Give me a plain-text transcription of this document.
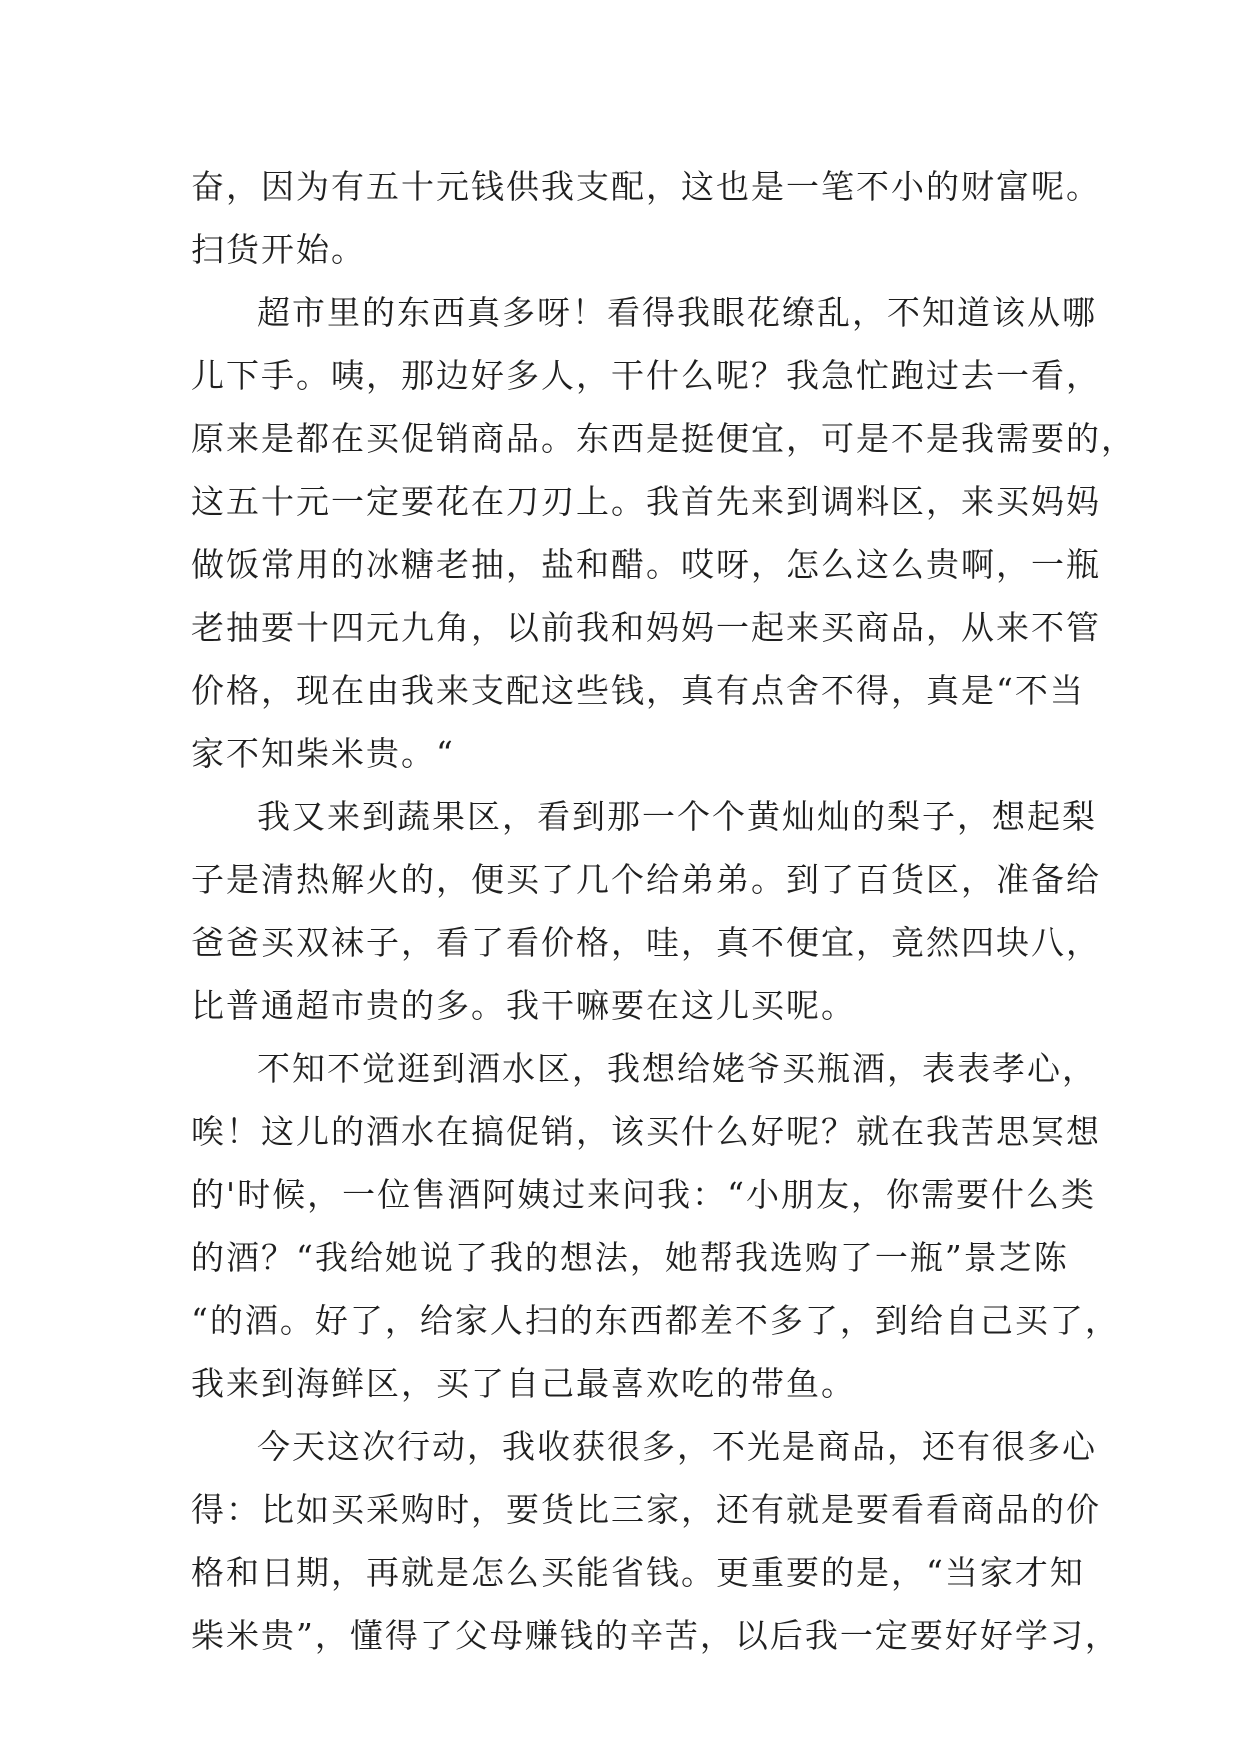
奋，因为有五十元钱供我支配，这也是一笔不小的财富呢。
扫货开始。
超市里的东西真多呀！看得我眼花缭乱，不知道该从哪
儿下手。咦，那边好多人，干什么呢？我急忙跑过去一看，
原来是都在买促销商品。东西是挺便宜，可是不是我需要的，
这五十元一定要花在刀刃上。我首先来到调料区，来买妈妈
做饭常用的冰糖老抽，盐和醋。哎呀，怎么这么贵啊，一瓶
老抽要十四元九角，以前我和妈妈一起来买商品，从来不管
价格，现在由我来支配这些钱，真有点舍不得，真是“不当
家不知柴米贵。“
我又来到蔬果区，看到那一个个黄灿灿的梨子，想起梨
子是清热解火的，便买了几个给弟弟。到了百货区，准备给
爸爸买双袜子，看了看价格，哇，真不便宜，竟然四块八，
比普通超市贵的多。我干嘛要在这儿买呢。
不知不觉逛到酒水区，我想给姥爷买瓶酒，表表孝心，
唉！这儿的酒水在搞促销，该买什么好呢？就在我苦思冥想
的'时候，一位售酒阿姨过来问我：“小朋友，你需要什么类
的酒？“我给她说了我的想法，她帮我选购了一瓶”景芝陈
“的酒。好了，给家人扫的东西都差不多了，到给自己买了，
我来到海鲜区，买了自己最喜欢吃的带鱼。
今天这次行动，我收获很多，不光是商品，还有很多心
得：比如买采购时，要货比三家，还有就是要看看商品的价
格和日期，再就是怎么买能省钱。更重要的是，“当家才知
柴米贵”，懂得了父母赚钱的辛苦，以后我一定要好好学习，
